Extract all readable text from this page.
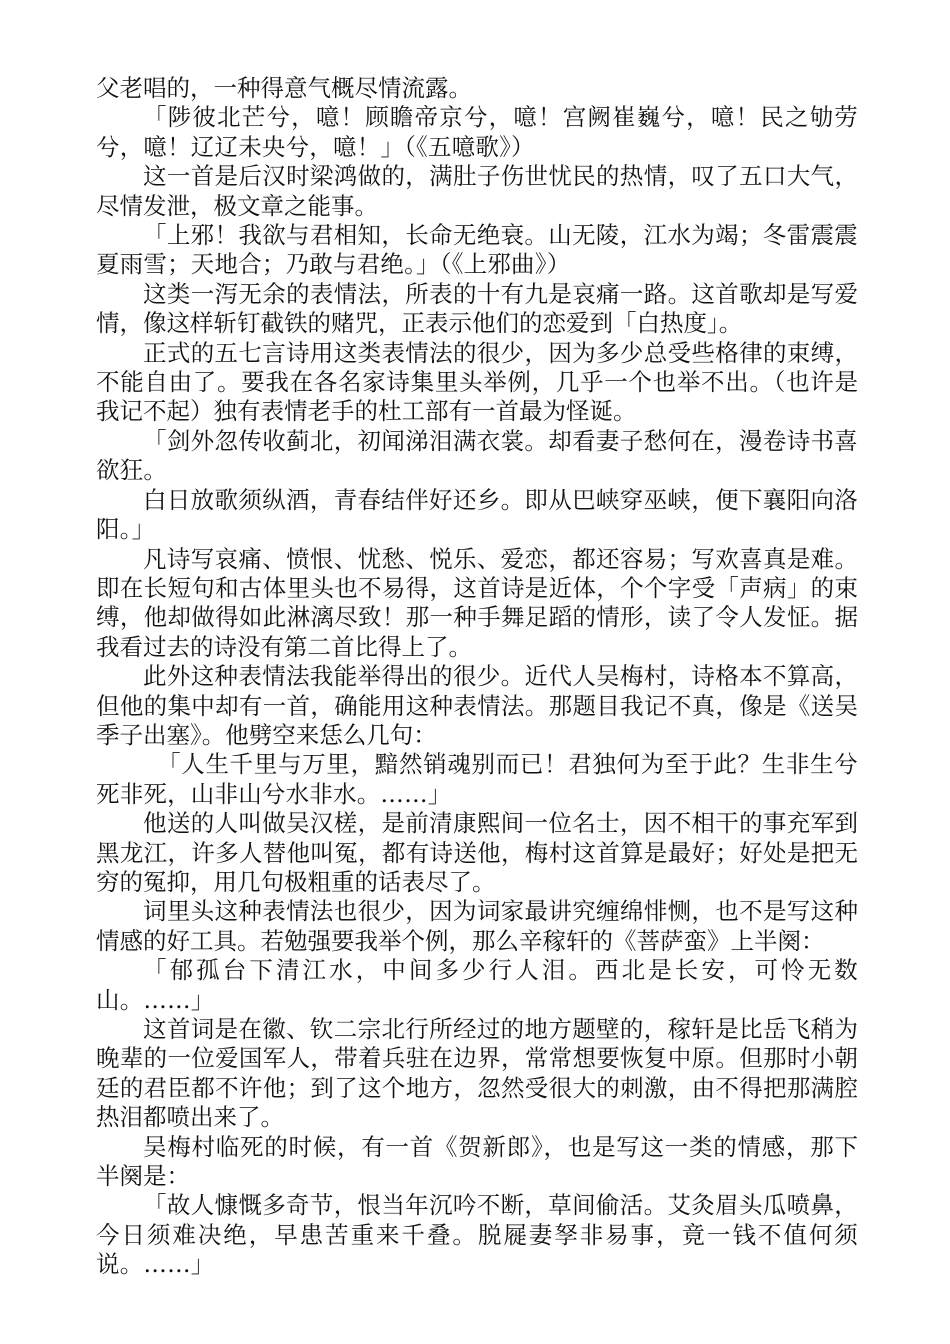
父老唱的，一种得意气概尽情流露。

「陟彼北芒兮，噫！顾瞻帝京兮，噫！宫阙崔巍兮，噫！民之劬劳兮，噫！辽辽未央兮，噫！」（《五噫歌》）

这一首是后汉时梁鸿做的，满肚子伤世忧民的热情，叹了五口大气，尽情发泄，极文章之能事。

「上邪！我欲与君相知，长命无绝衰。山无陵，江水为竭；冬雷震震夏雨雪；天地合；乃敢与君绝。」（《上邪曲》）

这类一泻无余的表情法，所表的十有九是哀痛一路。这首歌却是写爱情，像这样斩钉截铁的赌咒，正表示他们的恋爱到「白热度」。

正式的五七言诗用这类表情法的很少，因为多少总受些格律的束缚，不能自由了。要我在各名家诗集里头举例，几乎一个也举不出。（也许是我记不起）独有表情老手的杜工部有一首最为怪诞。

「剑外忽传收蓟北，初闻涕泪满衣裳。却看妻子愁何在，漫卷诗书喜欲狂。

白日放歌须纵酒，青春结伴好还乡。即从巴峡穿巫峡，便下襄阳向洛阳。」

凡诗写哀痛、愤恨、忧愁、悦乐、爱恋，都还容易；写欢喜真是难。即在长短句和古体里头也不易得，这首诗是近体，个个字受「声病」的束缚，他却做得如此淋漓尽致！那一种手舞足蹈的情形，读了令人发怔。据我看过去的诗没有第二首比得上了。

此外这种表情法我能举得出的很少。近代人吴梅村，诗格本不算高，但他的集中却有一首，确能用这种表情法。那题目我记不真，像是《送吴季子出塞》。他劈空来恁么几句：

「人生千里与万里，黯然销魂别而已！君独何为至于此？生非生兮死非死，山非山兮水非水。……」

他送的人叫做吴汉槎，是前清康熙间一位名士，因不相干的事充军到黑龙江，许多人替他叫冤，都有诗送他，梅村这首算是最好；好处是把无穷的冤抑，用几句极粗重的话表尽了。

词里头这种表情法也很少，因为词家最讲究缠绵悱恻，也不是写这种情感的好工具。若勉强要我举个例，那么辛稼轩的《菩萨蛮》上半阕：

「郁孤台下清江水，中间多少行人泪。西北是长安，可怜无数山。……」

这首词是在徽、钦二宗北行所经过的地方题壁的，稼轩是比岳飞稍为晚辈的一位爱国军人，带着兵驻在边界，常常想要恢复中原。但那时小朝廷的君臣都不许他；到了这个地方，忽然受很大的刺激，由不得把那满腔热泪都喷出来了。

吴梅村临死的时候，有一首《贺新郎》，也是写这一类的情感，那下半阕是：

「故人慷慨多奇节，恨当年沉吟不断，草间偷活。艾灸眉头瓜喷鼻，今日须难决绝，早患苦重来千叠。脱屣妻孥非易事，竟一钱不值何须说。……」
